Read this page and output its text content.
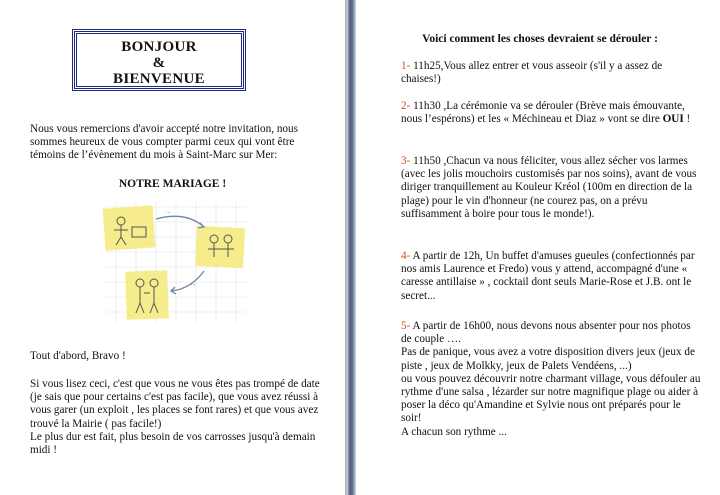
BONJOUR
&
BIENVENUE
Nous vous remercions d'avoir accepté notre invitation, nous sommes heureux de vous compter parmi ceux qui vont être témoins de l’évènement du mois à Saint-Marc sur Mer:
NOTRE MARIAGE !
...
...
Tout d'abord, Bravo !
Si vous lisez ceci, c'est que vous ne vous êtes pas trompé de date (je sais que pour certains c'est pas facile), que vous avez réussi à vous garer (un exploit , les places se font rares) et que vous avez trouvé la Mairie ( pas facile!)
Le plus dur est fait, plus besoin de vos carrosses jusqu'à demain midi !
Voici comment les choses devraient se dérouler :
1- 11h25,Vous allez entrer et vous asseoir (s'il y a assez de chaises!)
2- 11h30 ,La cérémonie va se dérouler (Brève mais émouvante, nous l’espérons) et les « Méchineau et Diaz » vont se dire OUI !
3- 11h50 ,Chacun va nous féliciter, vous allez sécher vos larmes (avec les jolis mouchoirs customisés par nos soins), avant de vous diriger tranquillement au Kouleur Kréol (100m en direction de la plage) pour le vin d'honneur (ne courez pas, on a prévu suffisamment à boire pour tous le monde!).
4- A partir de 12h, Un buffet d'amuses gueules (confectionnés par nos amis Laurence et Fredo) vous y attend, accompagné d'une « caresse antillaise » , cocktail dont seuls Marie-Rose et J.B. ont le secret...
5- A partir de 16h00, nous devons nous absenter pour nos photos de couple ….
Pas de panique, vous avez a votre disposition divers jeux (jeux de piste , jeux de Molkky, jeux de Palets Vendéens, ...)
ou vous pouvez découvrir notre charmant village, vous défouler au rythme d'une salsa , lézarder sur notre magnifique plage ou aider à poser la déco qu'Amandine et Sylvie nous ont préparés pour le soir!
A chacun son rythme ...
